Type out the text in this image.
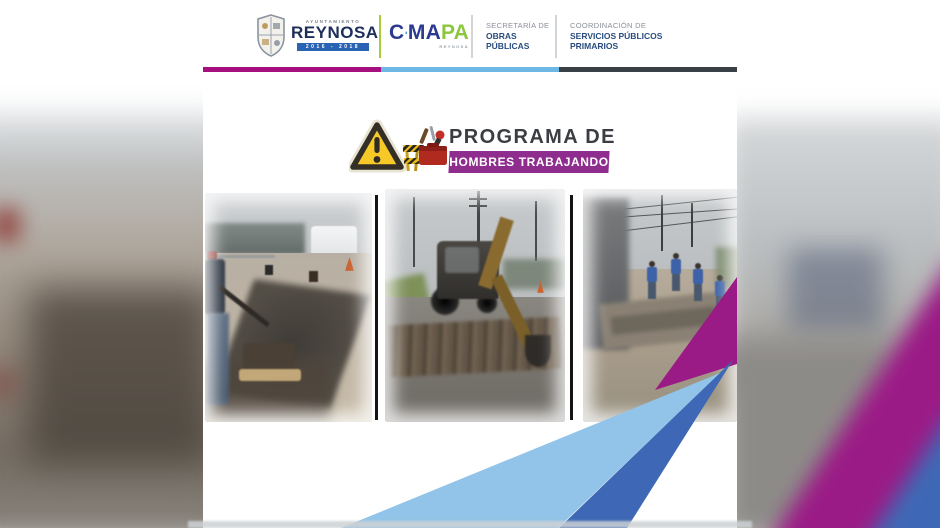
AYUNTAMIENTO
REYNOSA
2016 - 2018
C MA PA
REYNOSA
SECRETARÍA DE
OBRAS
PÚBLICAS
COORDINACIÓN DE
SERVICIOS PÚBLICOS
PRIMARIOS
PROGRAMA DE
HOMBRES TRABAJANDO
